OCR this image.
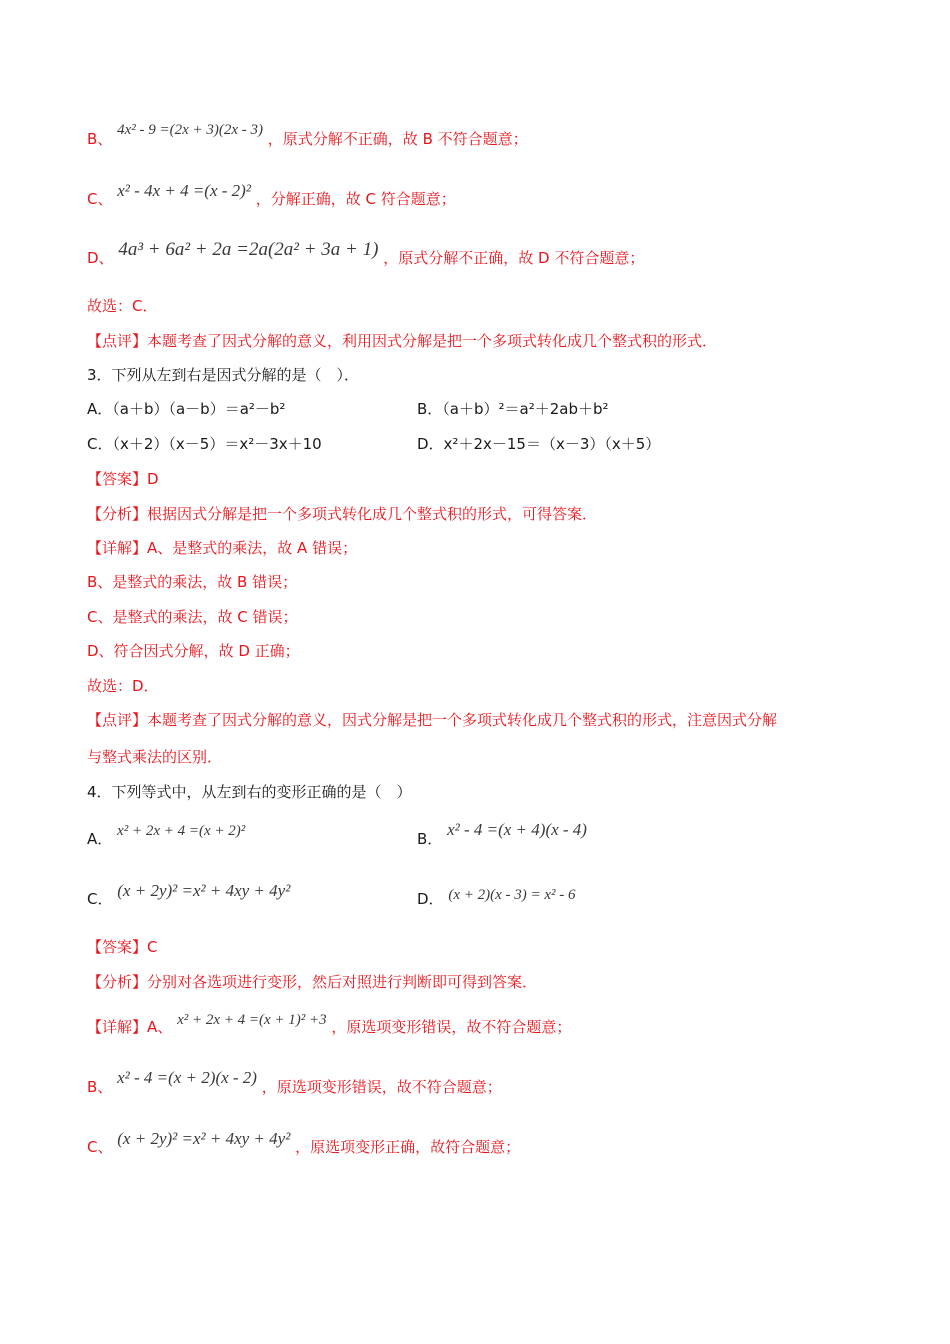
B、 4x² - 9 =(2x + 3)(2x - 3) ，原式分解不正确，故 B 不符合题意；
C、 x² - 4x + 4 =(x - 2)² ，分解正确，故 C 符合题意；
D、 4a³ + 6a² + 2a =2a(2a² + 3a + 1) ，原式分解不正确，故 D 不符合题意；
故选：C．
【点评】本题考查了因式分解的意义，利用因式分解是把一个多项式转化成几个整式积的形式．
3．下列从左到右是因式分解的是（　）．
A．（a＋b）（a－b）＝a²－b²	B．（a＋b）²＝a²＋2ab＋b²
C．（x＋2）（x－5）＝x²－3x＋10	D．x²＋2x－15＝（x－3）（x＋5）
【答案】D
【分析】根据因式分解是把一个多项式转化成几个整式积的形式，可得答案．
【详解】A、是整式的乘法，故 A 错误；
B、是整式的乘法，故 B 错误；
C、是整式的乘法，故 C 错误；
D、符合因式分解，故 D 正确；
故选：D．
【点评】本题考查了因式分解的意义，因式分解是把一个多项式转化成几个整式积的形式，注意因式分解
与整式乘法的区别．
4．下列等式中，从左到右的变形正确的是（　）
A． x² + 2x + 4 =(x + 2)²	B． x² - 4 =(x + 4)(x - 4)
C． (x + 2y)² =x² + 4xy + 4y²	D． (x + 2)(x - 3) = x² - 6
【答案】C
【分析】分别对各选项进行变形，然后对照进行判断即可得到答案．
【详解】A、 x² + 2x + 4 =(x + 1)² +3 ，原选项变形错误，故不符合题意；
B、 x² - 4 =(x + 2)(x - 2) ，原选项变形错误，故不符合题意；
C、 (x + 2y)² =x² + 4xy + 4y² ，原选项变形正确，故符合题意；
